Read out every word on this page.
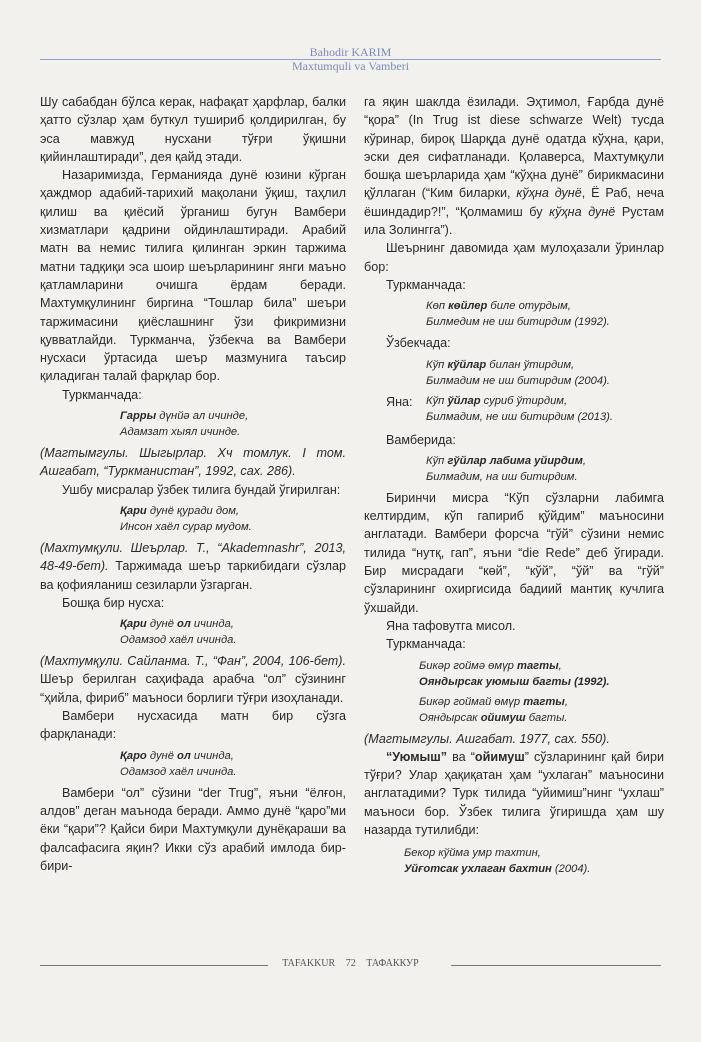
Bahodir KARIM
Maxtumquli va Vamberi

Шу сабабдан бўлса керак, нафақат ҳарфлар, балки ҳатто сўзлар ҳам буткул тушириб қолдирилган, бу эса мавжуд нусхани тўғри ўқишни қийинлаштиради”, дея қайд этади.

Назаримизда, Германияда дунё юзини кўрган ҳаждмор адабий-тарихий мақолани ўқиш, таҳлил қилиш ва қиёсий ўрганиш бугун Вамбери хизматлари қадрини ойдинлаштиради. Арабий матн ва немис тилига қилинган эркин таржима матни тадқиқи эса шоир шеърларининг янги маъно қатламларини очишга ёрдам беради. Махтумқулининг биргина “Тошлар била” шеъри таржимасини қиёслашнинг ўзи фикримизни қувватлайди. Туркманча, ўзбекча ва Вамбери нусхаси ўртасида шеър мазмунига таъсир қиладиган талай фарқлар бор.

Туркманчада:

Гарры дүнйә ал ичинде,
Адамзат хыял ичинде.

(Магтымгулы. Шыгырлар. Хч томлук. I том. Ашгабат, “Туркманистан”, 1992, сах. 286).

Ушбу мисралар ўзбек тилига бундай ўгирилган:

Қари дунё қуради дом,
Инсон хаёл сурар мудом.

(Махтумқули. Шеърлар. Т., “Akademnashr”, 2013, 48-49-бет). Таржимада шеър таркибидаги сўзлар ва қофияланиш сезиларли ўзгарган.

Бошқа бир нусха:

Қари дунё ол ичинда,
Одамзод хаёл ичинда.

(Махтумқули. Сайланма. Т., “Фан”, 2004, 106-бет). Шеър берилган саҳифада арабча “ол” сўзининг “ҳийла, фириб” маъноси борлиги тўғри изоҳланади.

Вамбери нусхасида матн бир сўзга фарқланади:

Қаро дунё ол ичинда,
Одамзод хаёл ичинда.

Вамбери “ол” сўзини “der Trug”, яъни “ёлғон, алдов” деган маънода беради. Аммо дунё “қаро”ми ёки “қари”? Қайси бири Махтумқули дунёқараши ва фалсафасига яқин? Икки сўз арабий имлода бир-бири-

га яқин шаклда ёзилади. Эҳтимол, Ғарбда дунё “қора” (In Trug ist diese schwarze Welt) тусда кўринар, бироқ Шарқда дунё одатда кўҳна, қари, эски дея сифатланади. Қолаверса, Махтумқули бошқа шеърларида ҳам “кўҳна дунё” бирикмасини қўллаган (“Ким биларки, кўҳна дунё, Ё Раб, неча ёшиндадир?!”, “Қолмамиш бу кўҳна дунё Рустам ила Золингга”).

Шеърнинг давомида ҳам мулоҳазали ўринлар бор:

Туркманчада:

Көп көйлер биле отурдым,
Билмедим не иш битирдим (1992).

Ўзбекчада:

Кўп кўйлар билан ўтирдим,
Билмадим не иш битирдим (2004).
Яна:	Кўп ўйлар суриб ўтирдим,
Билмадим, не иш битирдим (2013).

Вамберида:

Кўп гўйлар лабима уйирдим,
Билмадим, на иш битирдим.

Биринчи мисра “Кўп сўзларни лабимга келтирдим, кўп гапириб қўйдим” маъносини англатади. Вамбери форсча “гўй” сўзини немис тилида “нутқ, гап”, яъни “die Rede” деб ўгиради. Бир мисрадаги “көй”, “кўй”, “ўй” ва “гўй” сўзларининг охиргисида бадиий мантиқ кучлига ўхшайди.

Яна тафовутга мисол.

Туркманчада:

Бикәр гоймә өмүр тагты,
Ояндырсак уюмыш багты (1992).
Бикәр гоймай өмүр тагты,
Ояндырсак ойимуш багты.

(Магтымгулы. Ашгабат. 1977, сах. 550).

“Уюмыш” ва “ойимуш” сўзларининг қай бири тўғри? Улар ҳақиқатан ҳам “ухлаган” маъносини англатадими? Турк тилида “уйимиш”нинг “ухлаш” маъноси бор. Ўзбек тилига ўгиришда ҳам шу назарда тутилибди:

Бекор кўйма умр тахтин,
Уйғотсак ухлаган бахтин (2004).
TAFAKKUR 72 ТАФАККУР
